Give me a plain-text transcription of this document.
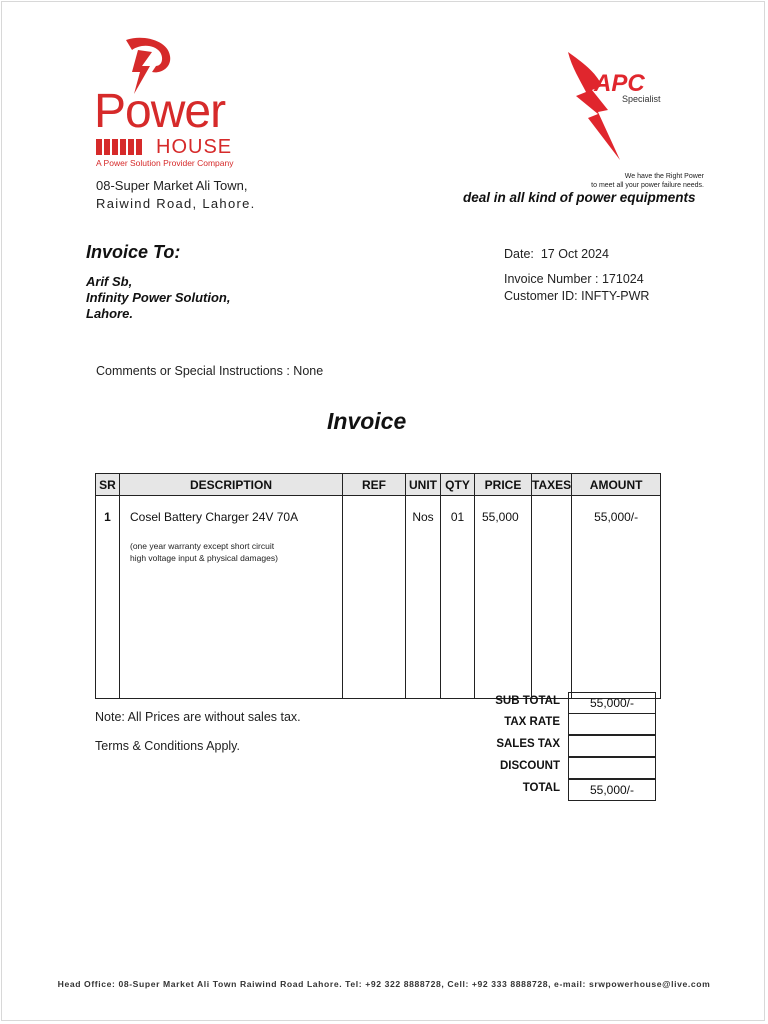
Power
HOUSE
A Power Solution Provider Company
08-Super Market Ali Town,
Raiwind Road, Lahore.
APC
Specialist
We have the Right Power
to meet all your power failure needs.
deal in all kind of power equipments
Invoice To:
Arif Sb,
Infinity Power Solution,
Lahore.
Date: 17 Oct 2024
Invoice Number : 171024
Customer ID: INFTY-PWR
Comments or Special Instructions : None
Invoice
SR	DESCRIPTION	REF	UNIT	QTY	PRICE	TAXES	AMOUNT
1	Cosel Battery Charger 24V 70A
(one year warranty except short circuit
high voltage input & physical damages)		Nos	01	55,000		55,000/-
SUB TOTAL	55,000/-
TAX RATE
SALES TAX
DISCOUNT
TOTAL	55,000/-
Note: All Prices are without sales tax.
Terms & Conditions Apply.
Head Office: 08-Super Market Ali Town Raiwind Road Lahore. Tel: +92 322 8888728, Cell: +92 333 8888728, e-mail: srwpowerhouse@live.com
